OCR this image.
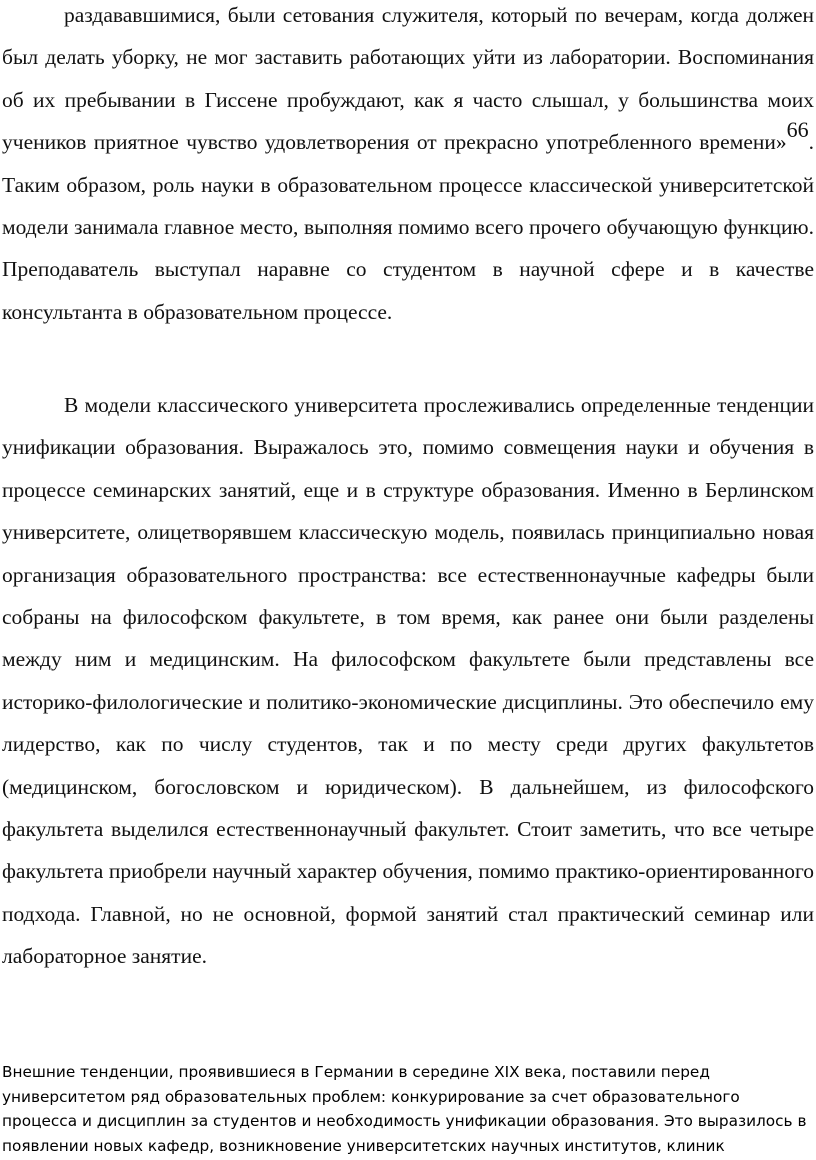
раздававшимися, были сетования служителя, который по вечерам, когда должен был делать уборку, не мог заставить работающих уйти из лаборатории. Воспоминания об их пребывании в Гиссене пробуждают, как я часто слышал, у большинства моих учеников приятное чувство удовлетворения от прекрасно употребленного времени»66. Таким образом, роль науки в образовательном процессе классической университетской модели занимала главное место, выполняя помимо всего прочего обучающую функцию. Преподаватель выступал наравне со студентом в научной сфере и в качестве консультанта в образовательном процессе.

В модели классического университета прослеживались определенные тенденции унификации образования. Выражалось это, помимо совмещения науки и обучения в процессе семинарских занятий, еще и в структуре образования. Именно в Берлинском университете, олицетворявшем классическую модель, появилась принципиально новая организация образовательного пространства: все естественнонаучные кафедры были собраны на философском факультете, в том время, как ранее они были разделены между ним и медицинским. На философском факультете были представлены все историко-филологические и политико-экономические дисциплины. Это обеспечило ему лидерство, как по числу студентов, так и по месту среди других факультетов (медицинском, богословском и юридическом). В дальнейшем, из философского факультета выделился естественнонаучный факультет. Стоит заметить, что все четыре факультета приобрели научный характер обучения, помимо практико-ориентированного подхода. Главной, но не основной, формой занятий стал практический семинар или лабораторное занятие.

Внешние тенденции, проявившиеся в Германии в середине XIX века, поставили перед университетом ряд образовательных проблем: конкурирование за счет образовательного процесса и дисциплин за студентов и необходимость унификации образования. Это выразилось в появлении новых кафедр, возникновение университетских научных институтов, клиник
